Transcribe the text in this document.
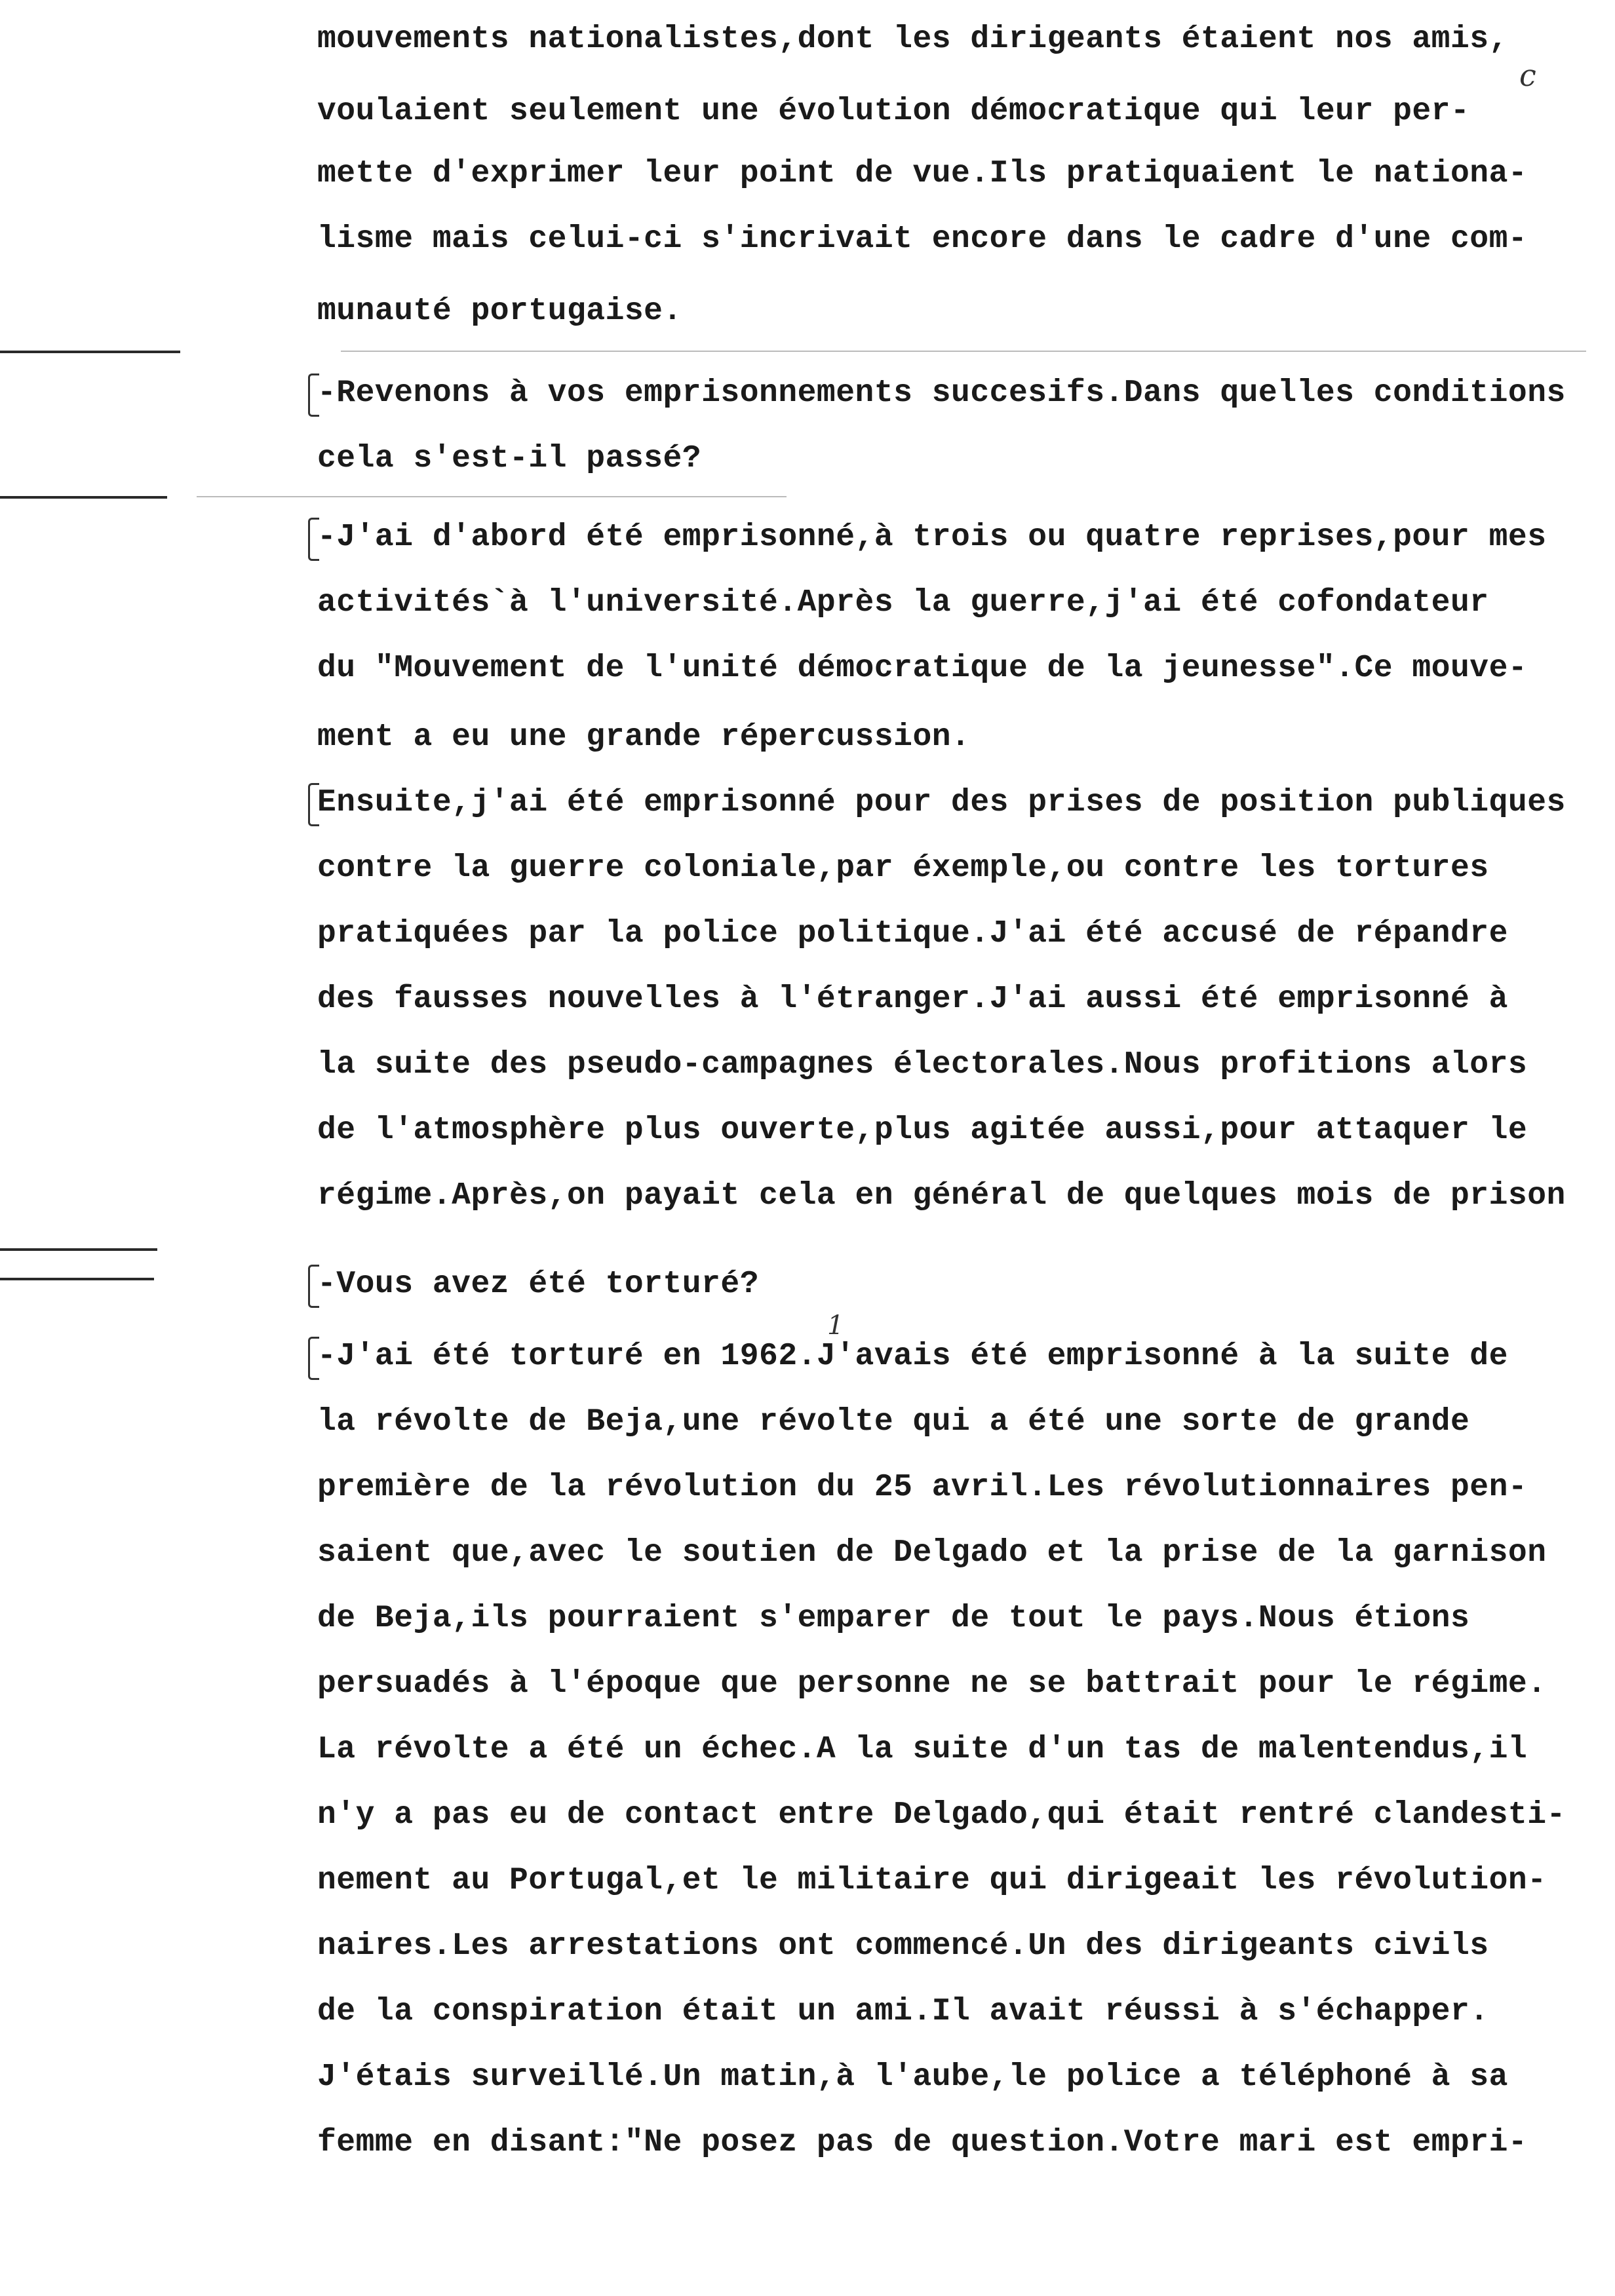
c
1
mouvements nationalistes,dont les dirigeants étaient nos amis,
voulaient seulement une évolution démocratique qui leur per-
mette d'exprimer leur point de vue.Ils pratiquaient le nationa-
lisme mais celui-ci s'incrivait encore dans le cadre d'une com-
munauté portugaise.
-Revenons à vos emprisonnements succesifs.Dans quelles conditions
cela s'est-il passé?
-J'ai d'abord été emprisonné,à trois ou quatre reprises,pour mes
activités`à l'université.Après la guerre,j'ai été cofondateur
du "Mouvement de l'unité démocratique de la jeunesse".Ce mouve-
ment a eu une grande répercussion.
Ensuite,j'ai été emprisonné pour des prises de position publiques
contre la guerre coloniale,par éxemple,ou contre les tortures
pratiquées par la police politique.J'ai été accusé de répandre
des fausses nouvelles à l'étranger.J'ai aussi été emprisonné à
la suite des pseudo-campagnes électorales.Nous profitions alors
de l'atmosphère plus ouverte,plus agitée aussi,pour attaquer le
régime.Après,on payait cela en général de quelques mois de prison
-Vous avez été torturé?
-J'ai été torturé en 1962.J'avais été emprisonné à la suite de
la révolte de Beja,une révolte qui a été une sorte de grande
première de la révolution du 25 avril.Les révolutionnaires pen-
saient que,avec le soutien de Delgado et la prise de la garnison
de Beja,ils pourraient s'emparer de tout le pays.Nous étions
persuadés à l'époque que personne ne se battrait pour le régime.
La révolte a été un échec.A la suite d'un tas de malentendus,il
n'y a pas eu de contact entre Delgado,qui était rentré clandesti-
nement au Portugal,et le militaire qui dirigeait les révolution-
naires.Les arrestations ont commencé.Un des dirigeants civils
de la conspiration était un ami.Il avait réussi à s'échapper.
J'étais surveillé.Un matin,à l'aube,le police a téléphoné à sa
femme en disant:"Ne posez pas de question.Votre mari est empri-
